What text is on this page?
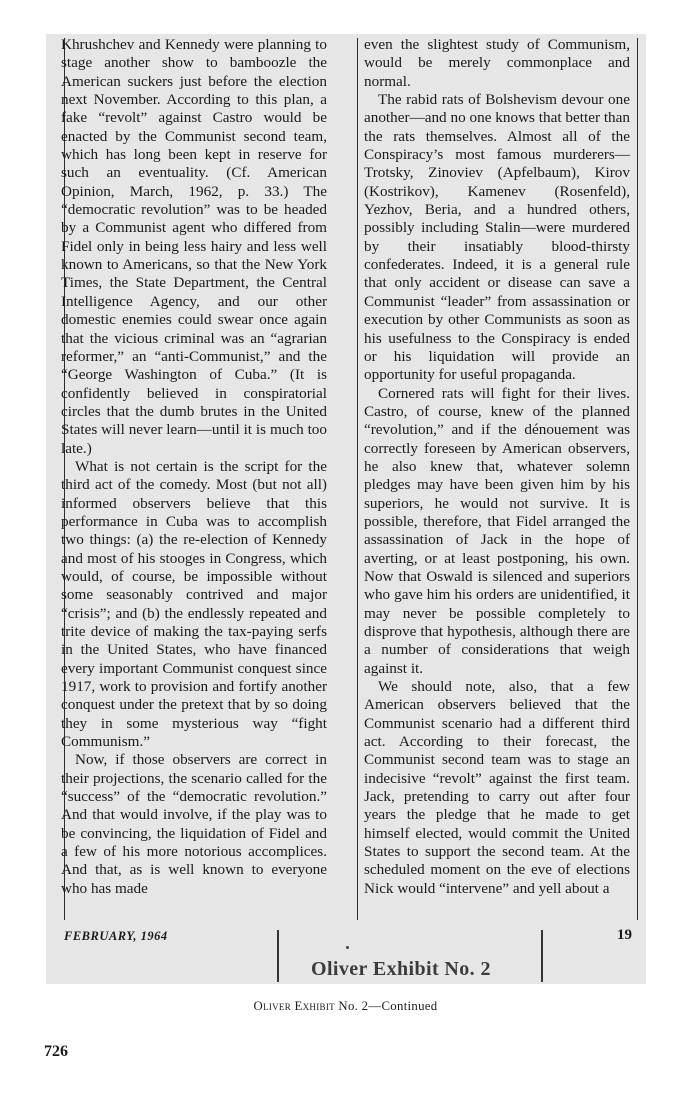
Khrushchev and Kennedy were planning to stage another show to bamboozle the American suckers just before the election next November. According to this plan, a fake “revolt” against Castro would be enacted by the Communist second team, which has long been kept in reserve for such an eventuality. (Cf. American Opinion, March, 1962, p. 33.) The “democratic revolution” was to be headed by a Communist agent who differed from Fidel only in being less hairy and less well known to Americans, so that the New York Times, the State Department, the Central Intelligence Agency, and our other domestic enemies could swear once again that the vicious criminal was an “agrarian reformer,” an “anti-Communist,” and the “George Washington of Cuba.” (It is confidently believed in conspiratorial circles that the dumb brutes in the United States will never learn—until it is much too late.)

What is not certain is the script for the third act of the comedy. Most (but not all) informed observers believe that this performance in Cuba was to accomplish two things: (a) the re-election of Kennedy and most of his stooges in Congress, which would, of course, be impossible without some seasonably contrived and major “crisis”; and (b) the endlessly repeated and trite device of making the tax-paying serfs in the United States, who have financed every important Communist conquest since 1917, work to provision and fortify another conquest under the pretext that by so doing they in some mysterious way “fight Communism.”

Now, if those observers are correct in their projections, the scenario called for the “success” of the “democratic revolution.” And that would involve, if the play was to be convincing, the liquidation of Fidel and a few of his more notorious accomplices. And that, as is well known to everyone who has made

even the slightest study of Communism, would be merely commonplace and normal.

The rabid rats of Bolshevism devour one another—and no one knows that better than the rats themselves. Almost all of the Conspiracy’s most famous murderers—Trotsky, Zinoviev (Apfelbaum), Kirov (Kostrikov), Kamenev (Rosenfeld), Yezhov, Beria, and a hundred others, possibly including Stalin—were murdered by their insatiably blood-thirsty confederates. Indeed, it is a general rule that only accident or disease can save a Communist “leader” from assassination or execution by other Communists as soon as his usefulness to the Conspiracy is ended or his liquidation will provide an opportunity for useful propaganda.

Cornered rats will fight for their lives. Castro, of course, knew of the planned “revolution,” and if the dénouement was correctly foreseen by American observers, he also knew that, whatever solemn pledges may have been given him by his superiors, he would not survive. It is possible, therefore, that Fidel arranged the assassination of Jack in the hope of averting, or at least postponing, his own. Now that Oswald is silenced and superiors who gave him his orders are unidentified, it may never be possible completely to disprove that hypothesis, although there are a number of considerations that weigh against it.

We should note, also, that a few American observers believed that the Communist scenario had a different third act. According to their forecast, the Communist second team was to stage an indecisive “revolt” against the first team. Jack, pretending to carry out after four years the pledge that he made to get himself elected, would commit the United States to support the second team. At the scheduled moment on the eve of elections Nick would “intervene” and yell about a

FEBRUARY, 1964	19
Oliver Exhibit No. 2
Oliver Exhibit No. 2—Continued
726
